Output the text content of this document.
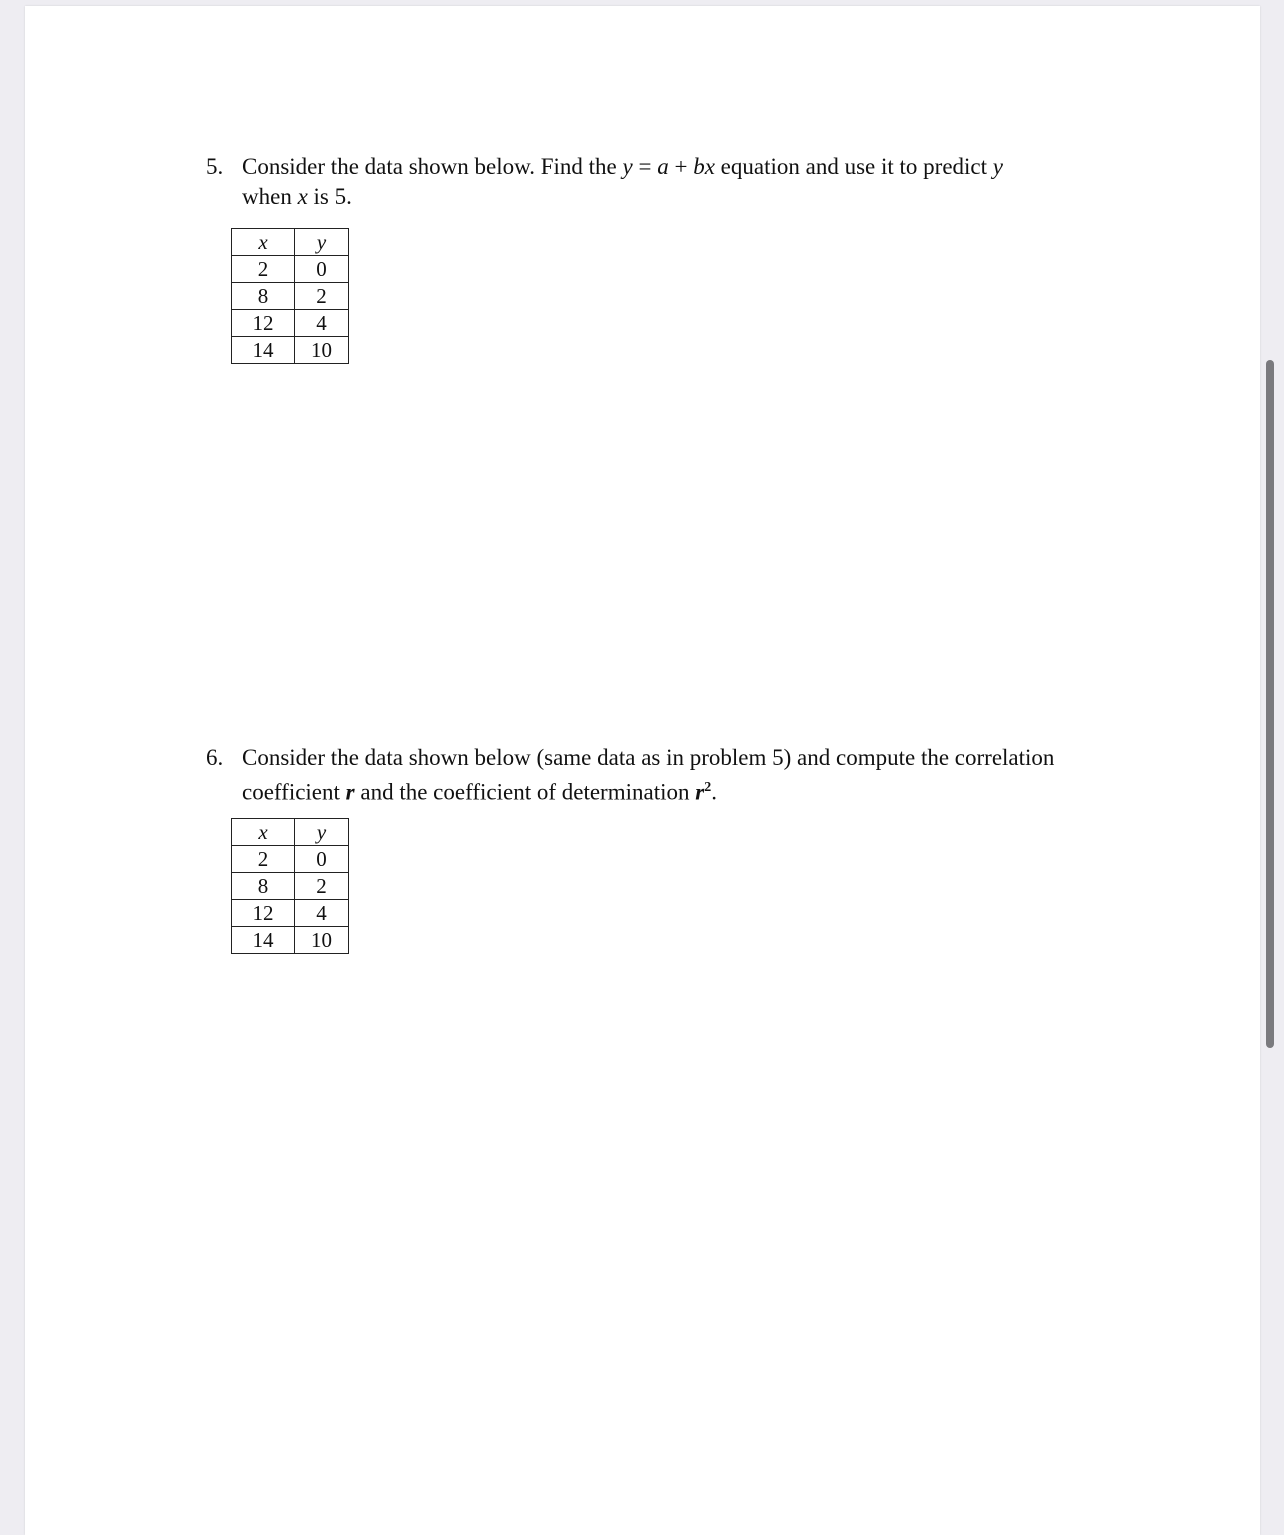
5. Consider the data shown below. Find the y = a + bx equation and use it to predict y
when x is 5.
x	y
2	0
8	2
12	4
14	10
6. Consider the data shown below (same data as in problem 5) and compute the correlation
coefficient r and the coefficient of determination $r^2$.
x	y
2	0
8	2
12	4
14	10
